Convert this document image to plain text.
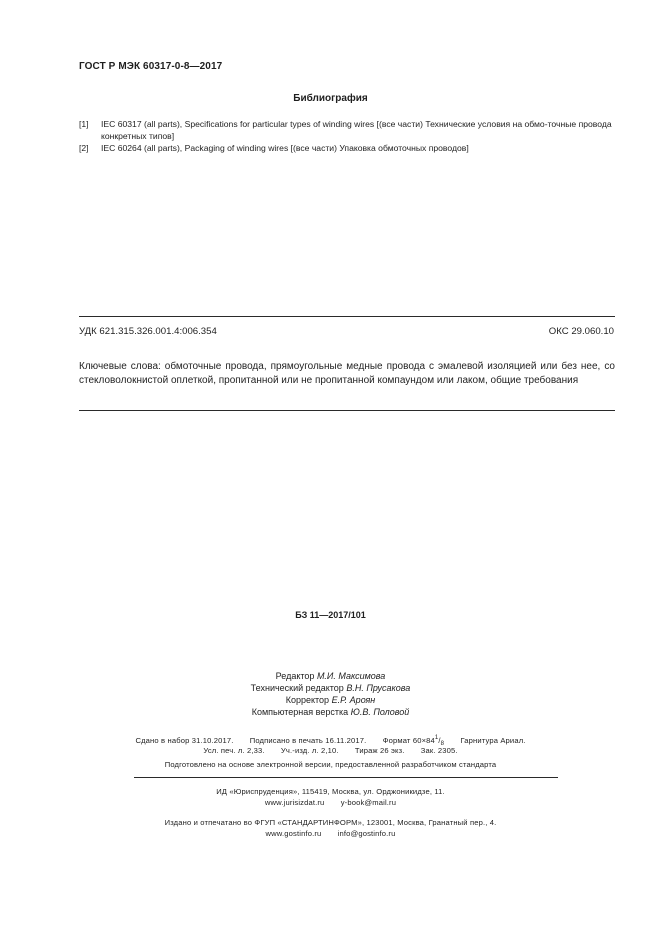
ГОСТ Р МЭК 60317-0-8—2017
Библиография
[1] IEC 60317 (all parts), Specifications for particular types of winding wires [(все части) Технические условия на обмо-точные провода конкретных типов]
[2] IEC 60264 (all parts), Packaging of winding wires [(все части) Упаковка обмоточных проводов]
УДК 621.315.326.001.4:006.354	ОКС 29.060.10
Ключевые слова: обмоточные провода, прямоугольные медные провода с эмалевой изоляцией или без нее, со стекловолокнистой оплеткой, пропитанной или не пропитанной компаундом или лаком, общие требования
БЗ 11—2017/101
Редактор М.И. Максимова
Технический редактор В.Н. Прусакова
Корректор Е.Р. Ароян
Компьютерная верстка Ю.В. Половой
Сдано в набор 31.10.2017. Подписано в печать 16.11.2017. Формат $60\times 84^1/_8$ Гарнитура Ариал.
Усл. печ. л. 2,33. Уч.-изд. л. 2,10. Тираж 26 экз. Зак. 2305.
Подготовлено на основе электронной версии, предоставленной разработчиком стандарта
ИД «Юриспруденция», 115419, Москва, ул. Орджоникидзе, 11.
www.jurisizdat.ru y-book@mail.ru
Издано и отпечатано во ФГУП «СТАНДАРТИНФОРМ», 123001, Москва, Гранатный пер., 4.
www.gostinfo.ru info@gostinfo.ru
